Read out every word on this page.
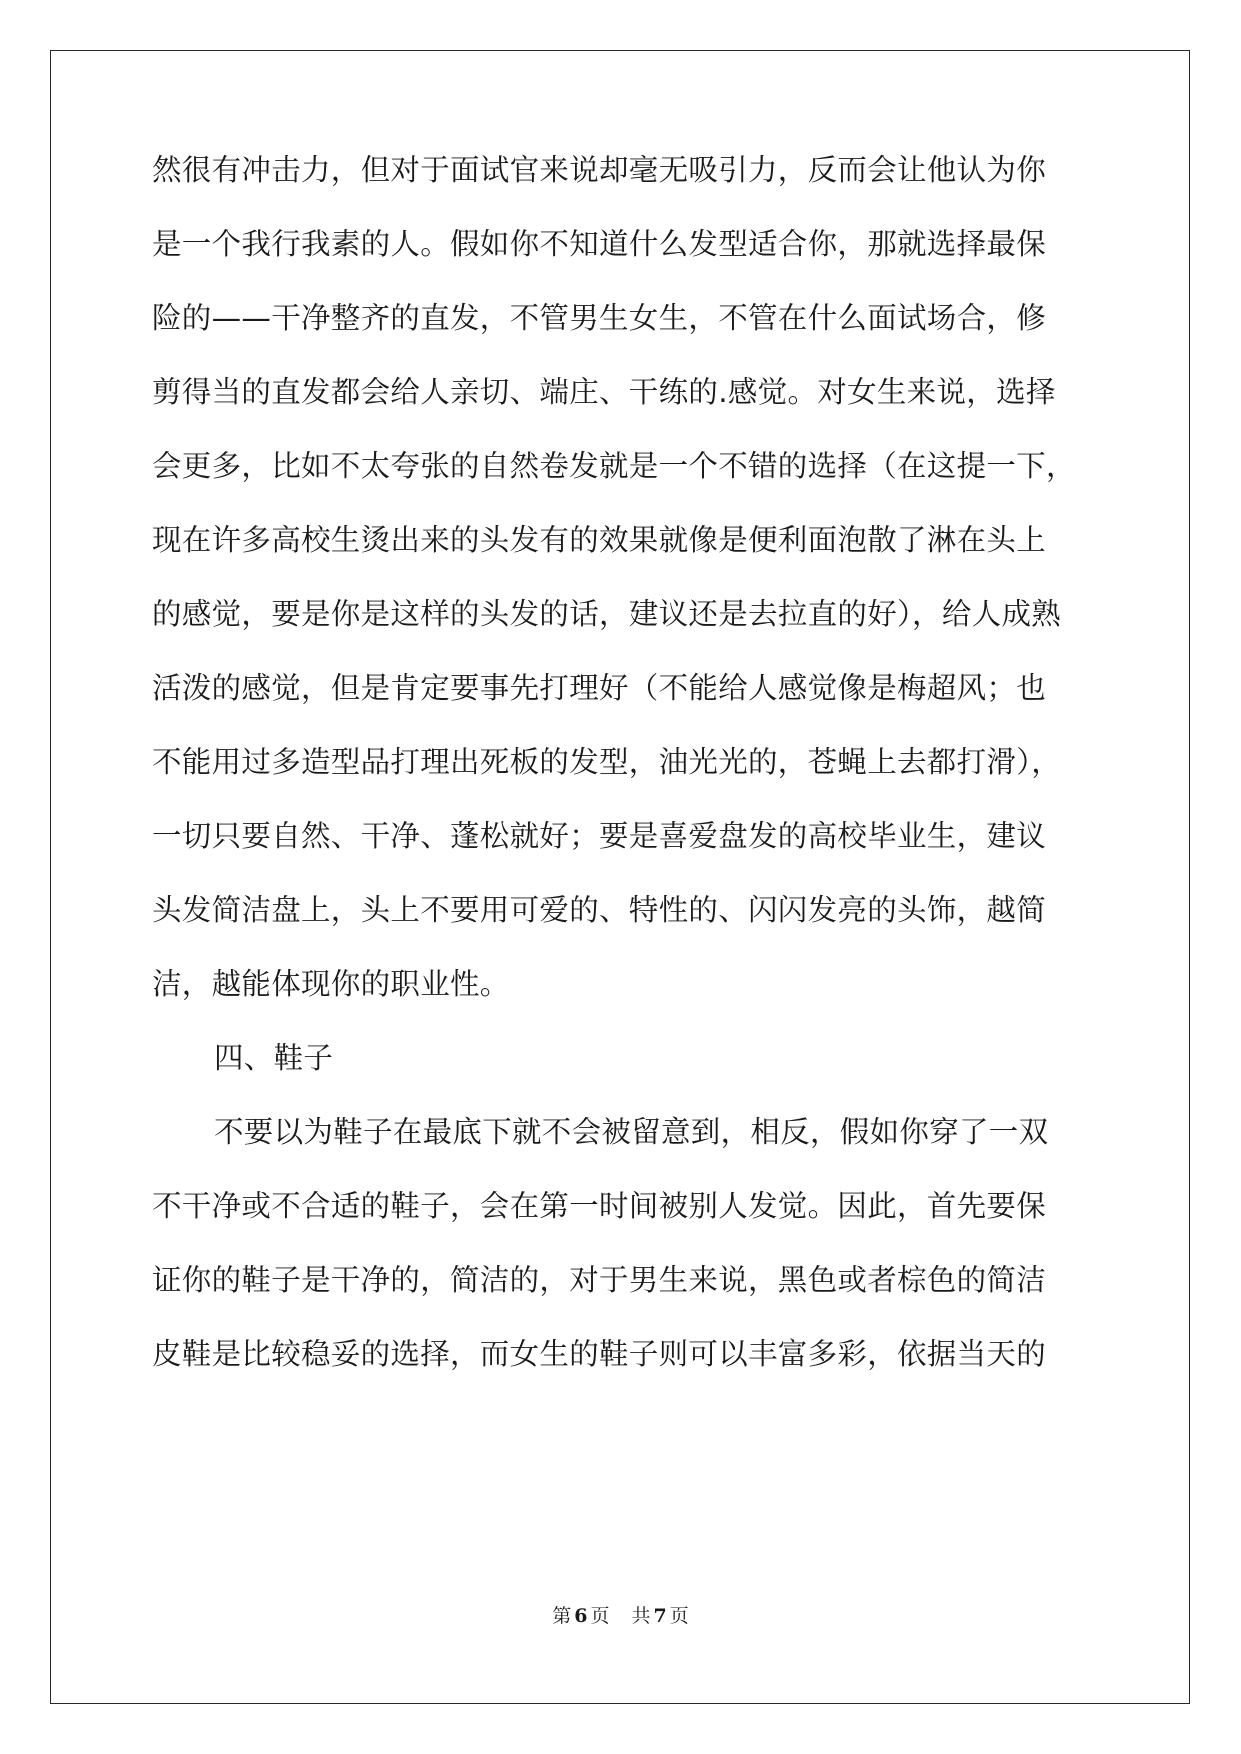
然很有冲击力，但对于面试官来说却毫无吸引力，反而会让他认为你
是一个我行我素的人。假如你不知道什么发型适合你，那就选择最保
险的——干净整齐的直发，不管男生女生，不管在什么面试场合，修
剪得当的直发都会给人亲切、端庄、干练的.感觉。对女生来说，选择
会更多，比如不太夸张的自然卷发就是一个不错的选择（在这提一下，
现在许多高校生烫出来的头发有的效果就像是便利面泡散了淋在头上
的感觉，要是你是这样的头发的话，建议还是去拉直的好），给人成熟
活泼的感觉，但是肯定要事先打理好（不能给人感觉像是梅超风；也
不能用过多造型品打理出死板的发型，油光光的，苍蝇上去都打滑），
一切只要自然、干净、蓬松就好；要是喜爱盘发的高校毕业生，建议
头发简洁盘上，头上不要用可爱的、特性的、闪闪发亮的头饰，越简
洁，越能体现你的职业性。
四、鞋子
不要以为鞋子在最底下就不会被留意到，相反，假如你穿了一双
不干净或不合适的鞋子，会在第一时间被别人发觉。因此，首先要保
证你的鞋子是干净的，简洁的，对于男生来说，黑色或者棕色的简洁
皮鞋是比较稳妥的选择，而女生的鞋子则可以丰富多彩，依据当天的
第 6 页 共 7 页
